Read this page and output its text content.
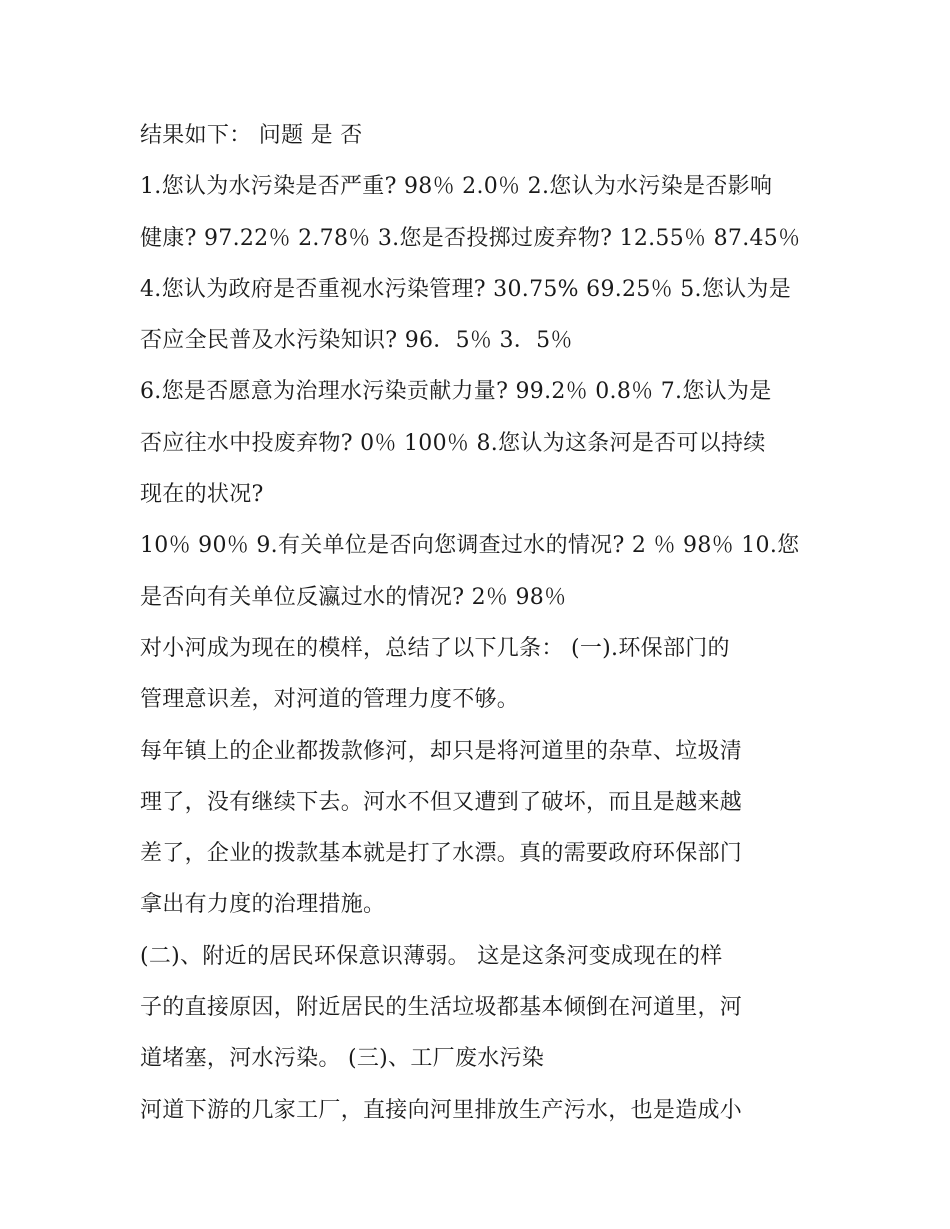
结果如下： 问题 是 否
1.您认为水污染是否严重? 98％ 2.0％ 2.您认为水污染是否影响
健康? 97.22％ 2.78％ 3.您是否投掷过废弃物? 12.55％ 87.45％
4.您认为政府是否重视水污染管理? 30.75% 69.25％ 5.您认为是
否应全民普及水污染知识? 96．5％ 3．5％
6.您是否愿意为治理水污染贡献力量? 99.2％ 0.8％ 7.您认为是
否应往水中投废弃物? 0％ 100％ 8.您认为这条河是否可以持续
现在的状况?
10％ 90％ 9.有关单位是否向您调查过水的情况? 2 ％ 98％ 10.您
是否向有关单位反瀛过水的情况? 2％ 98％
对小河成为现在的模样，总结了以下几条： (一).环保部门的
管理意识差，对河道的管理力度不够。
每年镇上的企业都拨款修河，却只是将河道里的杂草、垃圾清
理了，没有继续下去。河水不但又遭到了破坏，而且是越来越
差了，企业的拨款基本就是打了水漂。真的需要政府环保部门
拿出有力度的治理措施。
(二)、附近的居民环保意识薄弱。 这是这条河变成现在的样
子的直接原因，附近居民的生活垃圾都基本倾倒在河道里，河
道堵塞，河水污染。 (三)、工厂废水污染
河道下游的几家工厂，直接向河里排放生产污水，也是造成小
